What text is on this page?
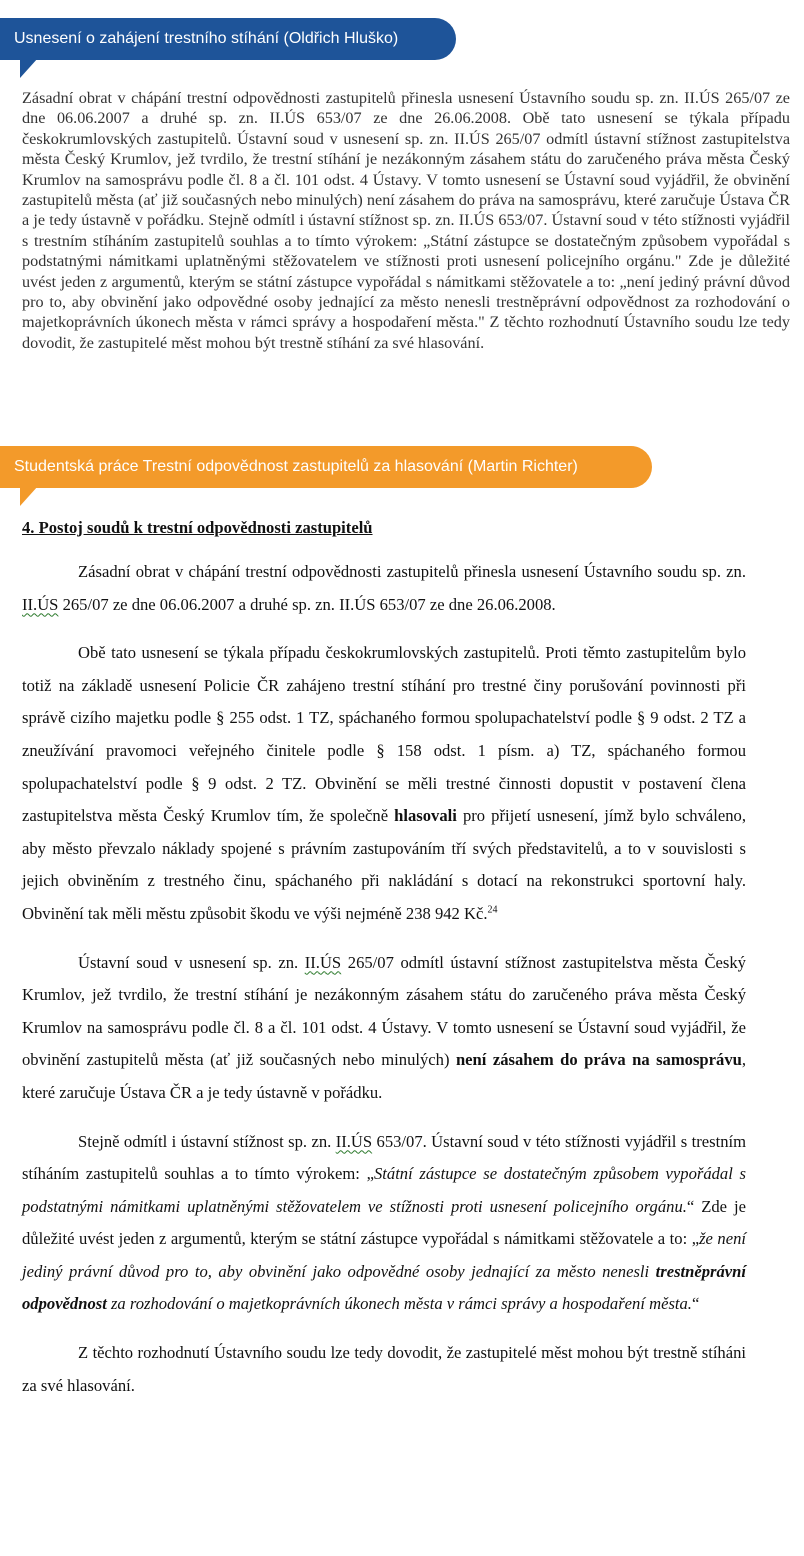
Usnesení o zahájení trestního stíhání (Oldřich Hluško)
Zásadní obrat v chápání trestní odpovědnosti zastupitelů přinesla usnesení Ústavního soudu sp. zn. II.ÚS 265/07 ze dne 06.06.2007 a druhé sp. zn. II.ÚS 653/07 ze dne 26.06.2008. Obě tato usnesení se týkala případu českokrumlovských zastupitelů. Ústavní soud v usnesení sp. zn. II.ÚS 265/07 odmítl ústavní stížnost zastupitelstva města Český Krumlov, jež tvrdilo, že trestní stíhání je nezákonným zásahem státu do zaručeného práva města Český Krumlov na samosprávu podle čl. 8 a čl. 101 odst. 4 Ústavy. V tomto usnesení se Ústavní soud vyjádřil, že obvinění zastupitelů města (ať již současných nebo minulých) není zásahem do práva na samosprávu, které zaručuje Ústava ČR a je tedy ústavně v pořádku. Stejně odmítl i ústavní stížnost sp. zn. II.ÚS 653/07. Ústavní soud v této stížnosti vyjádřil s trestním stíháním zastupitelů souhlas a to tímto výrokem: „Státní zástupce se dostatečným způsobem vypořádal s podstatnými námitkami uplatněnými stěžovatelem ve stížnosti proti usnesení policejního orgánu." Zde je důležité uvést jeden z argumentů, kterým se státní zástupce vypořádal s námitkami stěžovatele a to: „není jediný právní důvod pro to, aby obvinění jako odpovědné osoby jednající za město nenesli trestněprávní odpovědnost za rozhodování o majetkoprávních úkonech města v rámci správy a hospodaření města." Z těchto rozhodnutí Ústavního soudu lze tedy dovodit, že zastupitelé měst mohou být trestně stíhání za své hlasování.
Studentská práce Trestní odpovědnost zastupitelů za hlasování (Martin Richter)
4. Postoj soudů k trestní odpovědnosti zastupitelů
Zásadní obrat v chápání trestní odpovědnosti zastupitelů přinesla usnesení Ústavního soudu sp. zn. II.ÚS 265/07 ze dne 06.06.2007 a druhé sp. zn. II.ÚS 653/07 ze dne 26.06.2008.
Obě tato usnesení se týkala případu českokrumlovských zastupitelů. Proti těmto zastupitelům bylo totiž na základě usnesení Policie ČR zahájeno trestní stíhání pro trestné činy porušování povinnosti při správě cizího majetku podle § 255 odst. 1 TZ, spáchaného formou spolupachatelství podle § 9 odst. 2 TZ a zneužívání pravomoci veřejného činitele podle § 158 odst. 1 písm. a) TZ, spáchaného formou spolupachatelství podle § 9 odst. 2 TZ. Obvinění se měli trestné činnosti dopustit v postavení člena zastupitelstva města Český Krumlov tím, že společně hlasovali pro přijetí usnesení, jímž bylo schváleno, aby město převzalo náklady spojené s právním zastupováním tří svých představitelů, a to v souvislosti s jejich obviněním z trestného činu, spáchaného při nakládání s dotací na rekonstrukci sportovní haly. Obvinění tak měli městu způsobit škodu ve výši nejméně 238 942 Kč.$^{24}$
Ústavní soud v usnesení sp. zn. II.ÚS 265/07 odmítl ústavní stížnost zastupitelstva města Český Krumlov, jež tvrdilo, že trestní stíhání je nezákonným zásahem státu do zaručeného práva města Český Krumlov na samosprávu podle čl. 8 a čl. 101 odst. 4 Ústavy. V tomto usnesení se Ústavní soud vyjádřil, že obvinění zastupitelů města (ať již současných nebo minulých) není zásahem do práva na samosprávu, které zaručuje Ústava ČR a je tedy ústavně v pořádku.
Stejně odmítl i ústavní stížnost sp. zn. II.ÚS 653/07. Ústavní soud v této stížnosti vyjádřil s trestním stíháním zastupitelů souhlas a to tímto výrokem: „Státní zástupce se dostatečným způsobem vypořádal s podstatnými námitkami uplatněnými stěžovatelem ve stížnosti proti usnesení policejního orgánu.“ Zde je důležité uvést jeden z argumentů, kterým se státní zástupce vypořádal s námitkami stěžovatele a to: „že není jediný právní důvod pro to, aby obvinění jako odpovědné osoby jednající za město nenesli trestněprávní odpovědnost za rozhodování o majetkoprávních úkonech města v rámci správy a hospodaření města.“
Z těchto rozhodnutí Ústavního soudu lze tedy dovodit, že zastupitelé měst mohou být trestně stíháni za své hlasování.
